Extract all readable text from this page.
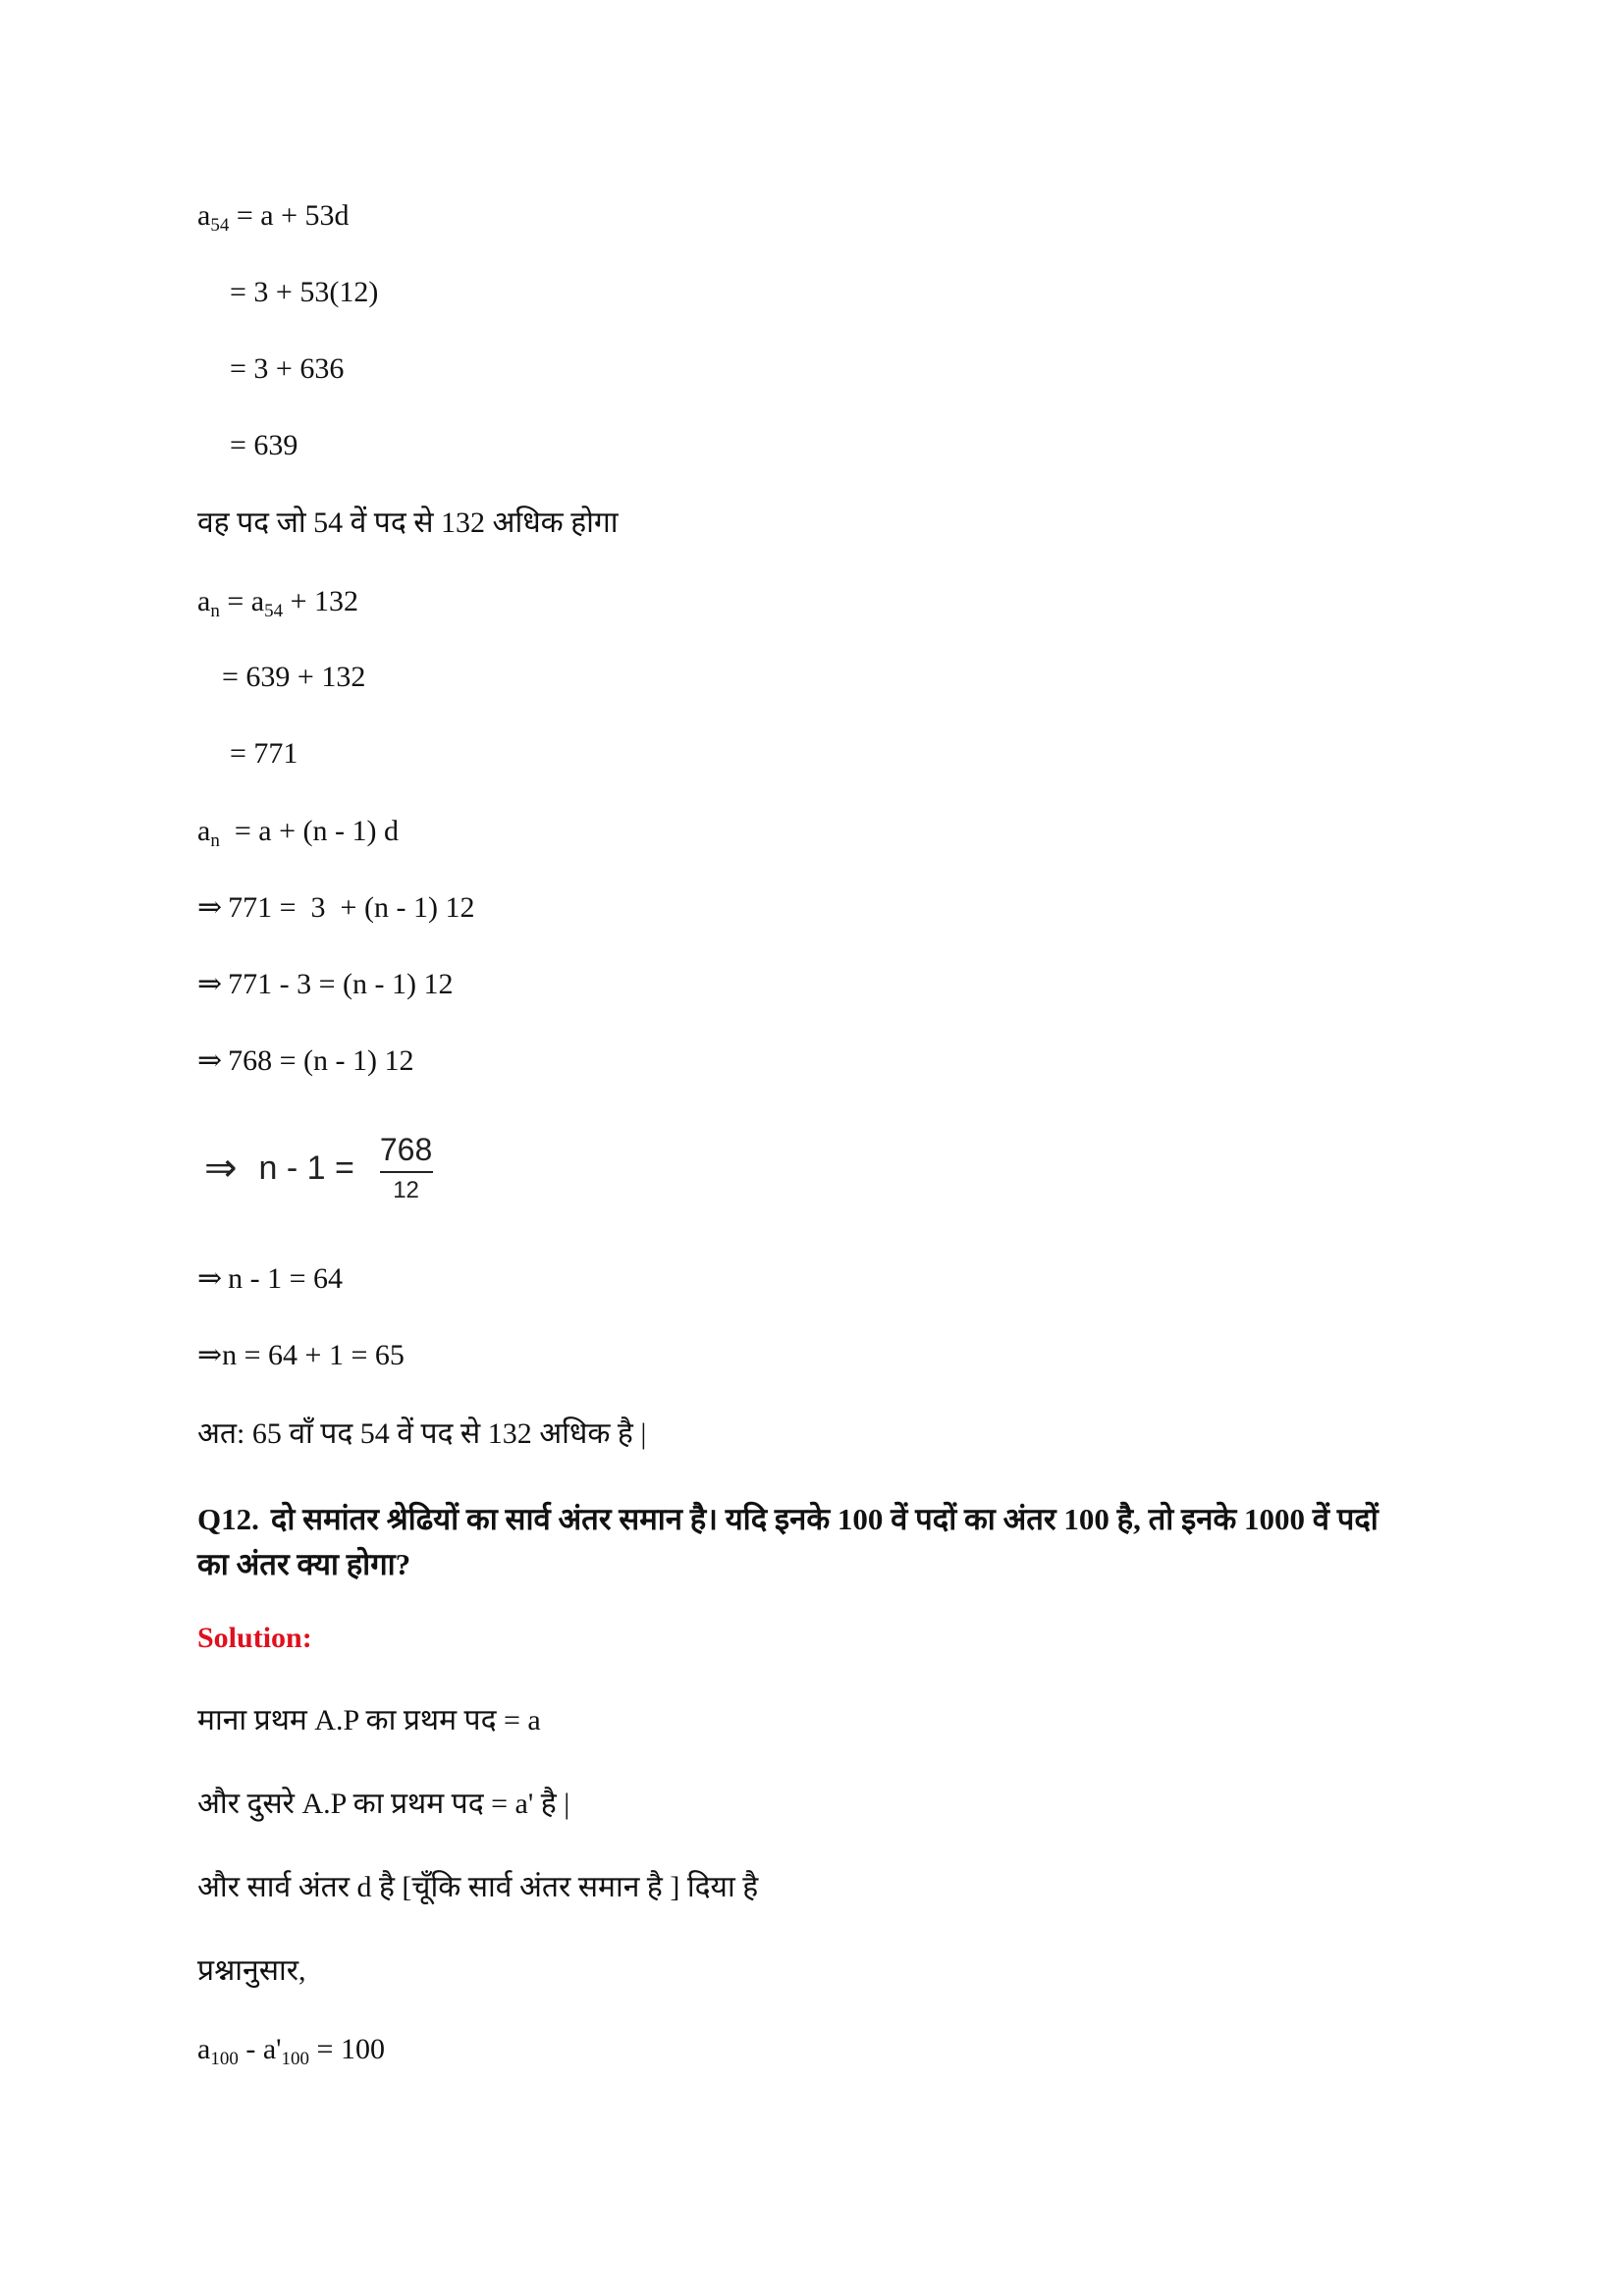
$a_{54} = a + 53d$
= 3 + 53(12)
= 3 + 636
= 639
वह पद जो 54 वें पद से 132 अधिक होगा
$a_n = a_{54} + 132$
= 639 + 132
= 771
$a_n = a + (n - 1)$ d
⇒ 771 =  3  + (n - 1) 12
⇒ 771 - 3 = (n - 1) 12
⇒ 768 = (n - 1) 12
⇒ $n - 1 = \frac{768}{12}$
⇒ n - 1 = 64
⇒n = 64 + 1 = 65
अत: 65 वाँ पद 54 वें पद से 132 अधिक है |
Q12. दो समांतर श्रेढियों का सार्व अंतर समान है। यदि इनके 100 वें पदों का अंतर 100 है, तो इनके 1000 वें पदों का अंतर क्या होगा?
Solution:
माना प्रथम A.P का प्रथम पद = a
और दुसरे A.P का प्रथम पद = a' है |
और सार्व अंतर d है [चूँकि सार्व अंतर समान है ] दिया है
प्रश्नानुसार,
$a_{100} - a'_{100} = 100$
